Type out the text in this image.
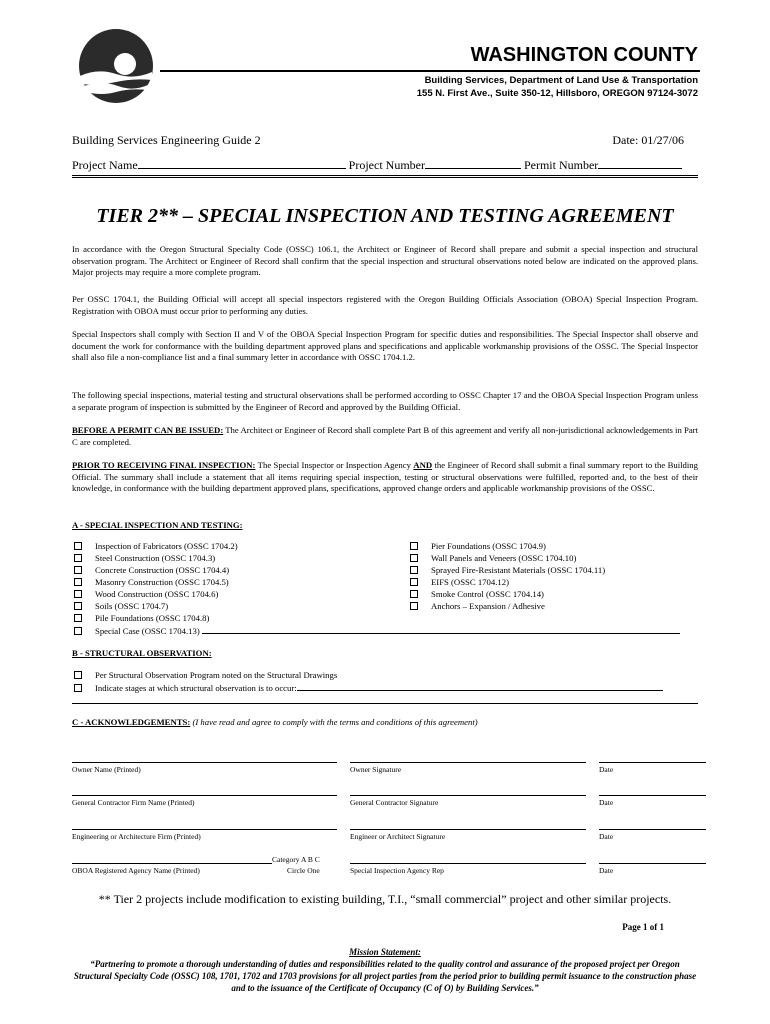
WASHINGTON COUNTY
Building Services, Department of Land Use & Transportation
155 N. First Ave., Suite 350-12, Hillsboro, OREGON 97124-3072
Building Services Engineering Guide 2	Date: 01/27/06
Project Name	Project Number	Permit Number
TIER 2** – SPECIAL INSPECTION AND TESTING AGREEMENT

In accordance with the Oregon Structural Specialty Code (OSSC) 106.1, the Architect or Engineer of Record shall prepare and submit a special inspection and structural observation program. The Architect or Engineer of Record shall confirm that the special inspection and structural observations noted below are indicated on the approved plans. Major projects may require a more complete program.

Per OSSC 1704.1, the Building Official will accept all special inspectors registered with the Oregon Building Officials Association (OBOA) Special Inspection Program. Registration with OBOA must occur prior to performing any duties.

Special Inspectors shall comply with Section II and V of the OBOA Special Inspection Program for specific duties and responsibilities. The Special Inspector shall observe and document the work for conformance with the building department approved plans and specifications and applicable workmanship provisions of the OSSC. The Special Inspector shall also file a non-compliance list and a final summary letter in accordance with OSSC 1704.1.2.

The following special inspections, material testing and structural observations shall be performed according to OSSC Chapter 17 and the OBOA Special Inspection Program unless a separate program of inspection is submitted by the Engineer of Record and approved by the Building Official.

BEFORE A PERMIT CAN BE ISSUED: The Architect or Engineer of Record shall complete Part B of this agreement and verify all non-jurisdictional acknowledgements in Part C are completed.

PRIOR TO RECEIVING FINAL INSPECTION: The Special Inspector or Inspection Agency AND the Engineer of Record shall submit a final summary report to the Building Official. The summary shall include a statement that all items requiring special inspection, testing or structural observations were fulfilled, reported and, to the best of their knowledge, in conformance with the building department approved plans, specifications, approved change orders and applicable workmanship provisions of the OSSC.

A - SPECIAL INSPECTION AND TESTING:
Inspection of Fabricators (OSSC 1704.2)
Steel Construction (OSSC 1704.3)
Concrete Construction (OSSC 1704.4)
Masonry Construction (OSSC 1704.5)
Wood Construction (OSSC 1704.6)
Soils (OSSC 1704.7)
Pile Foundations (OSSC 1704.8)
Special Case (OSSC 1704.13)
Pier Foundations (OSSC 1704.9)
Wall Panels and Veneers (OSSC 1704.10)
Sprayed Fire-Resistant Materials (OSSC 1704.11)
EIFS (OSSC 1704.12)
Smoke Control (OSSC 1704.14)
Anchors – Expansion / Adhesive
B - STRUCTURAL OBSERVATION:
Per Structural Observation Program noted on the Structural Drawings
Indicate stages at which structural observation is to occur:
C - ACKNOWLEDGEMENTS: (I have read and agree to comply with the terms and conditions of this agreement)
Owner Name (Printed)	Owner Signature	Date
General Contractor Firm Name (Printed)	General Contractor Signature	Date
Engineering or Architecture Firm (Printed)	Engineer or Architect Signature	Date
Category A B C
OBOA Registered Agency Name (Printed)	Circle One	Special Inspection Agency Rep	Date
** Tier 2 projects include modification to existing building, T.I., “small commercial” project and other similar projects.
Page 1 of 1
Mission Statement:
“Partnering to promote a thorough understanding of duties and responsibilities related to the quality control and assurance of the proposed project per Oregon Structural Specialty Code (OSSC) 108, 1701, 1702 and 1703 provisions for all project parties from the period prior to building permit issuance to the construction phase and to the issuance of the Certificate of Occupancy (C of O) by Building Services.”
